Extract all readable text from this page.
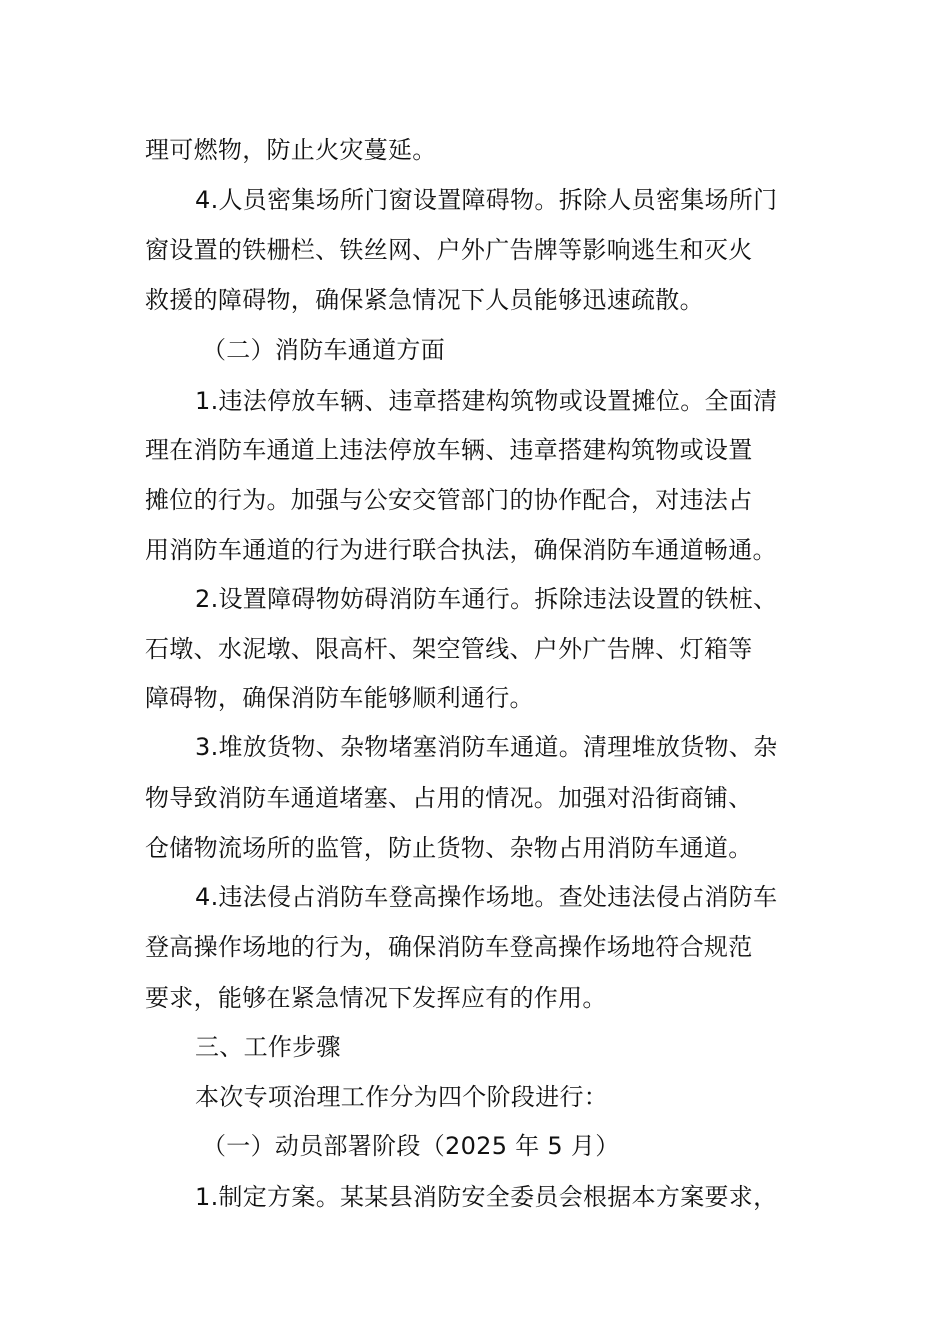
理可燃物，防止火灾蔓延。
4.人员密集场所门窗设置障碍物。拆除人员密集场所门
窗设置的铁栅栏、铁丝网、户外广告牌等影响逃生和灭火
救援的障碍物，确保紧急情况下人员能够迅速疏散。
（二）消防车通道方面
1.违法停放车辆、违章搭建构筑物或设置摊位。全面清
理在消防车通道上违法停放车辆、违章搭建构筑物或设置
摊位的行为。加强与公安交管部门的协作配合，对违法占
用消防车通道的行为进行联合执法，确保消防车通道畅通。
2.设置障碍物妨碍消防车通行。拆除违法设置的铁桩、
石墩、水泥墩、限高杆、架空管线、户外广告牌、灯箱等
障碍物，确保消防车能够顺利通行。
3.堆放货物、杂物堵塞消防车通道。清理堆放货物、杂
物导致消防车通道堵塞、占用的情况。加强对沿街商铺、
仓储物流场所的监管，防止货物、杂物占用消防车通道。
4.违法侵占消防车登高操作场地。查处违法侵占消防车
登高操作场地的行为，确保消防车登高操作场地符合规范
要求，能够在紧急情况下发挥应有的作用。
三、工作步骤
本次专项治理工作分为四个阶段进行：
（一）动员部署阶段（2025 年 5 月）
1.制定方案。某某县消防安全委员会根据本方案要求，
